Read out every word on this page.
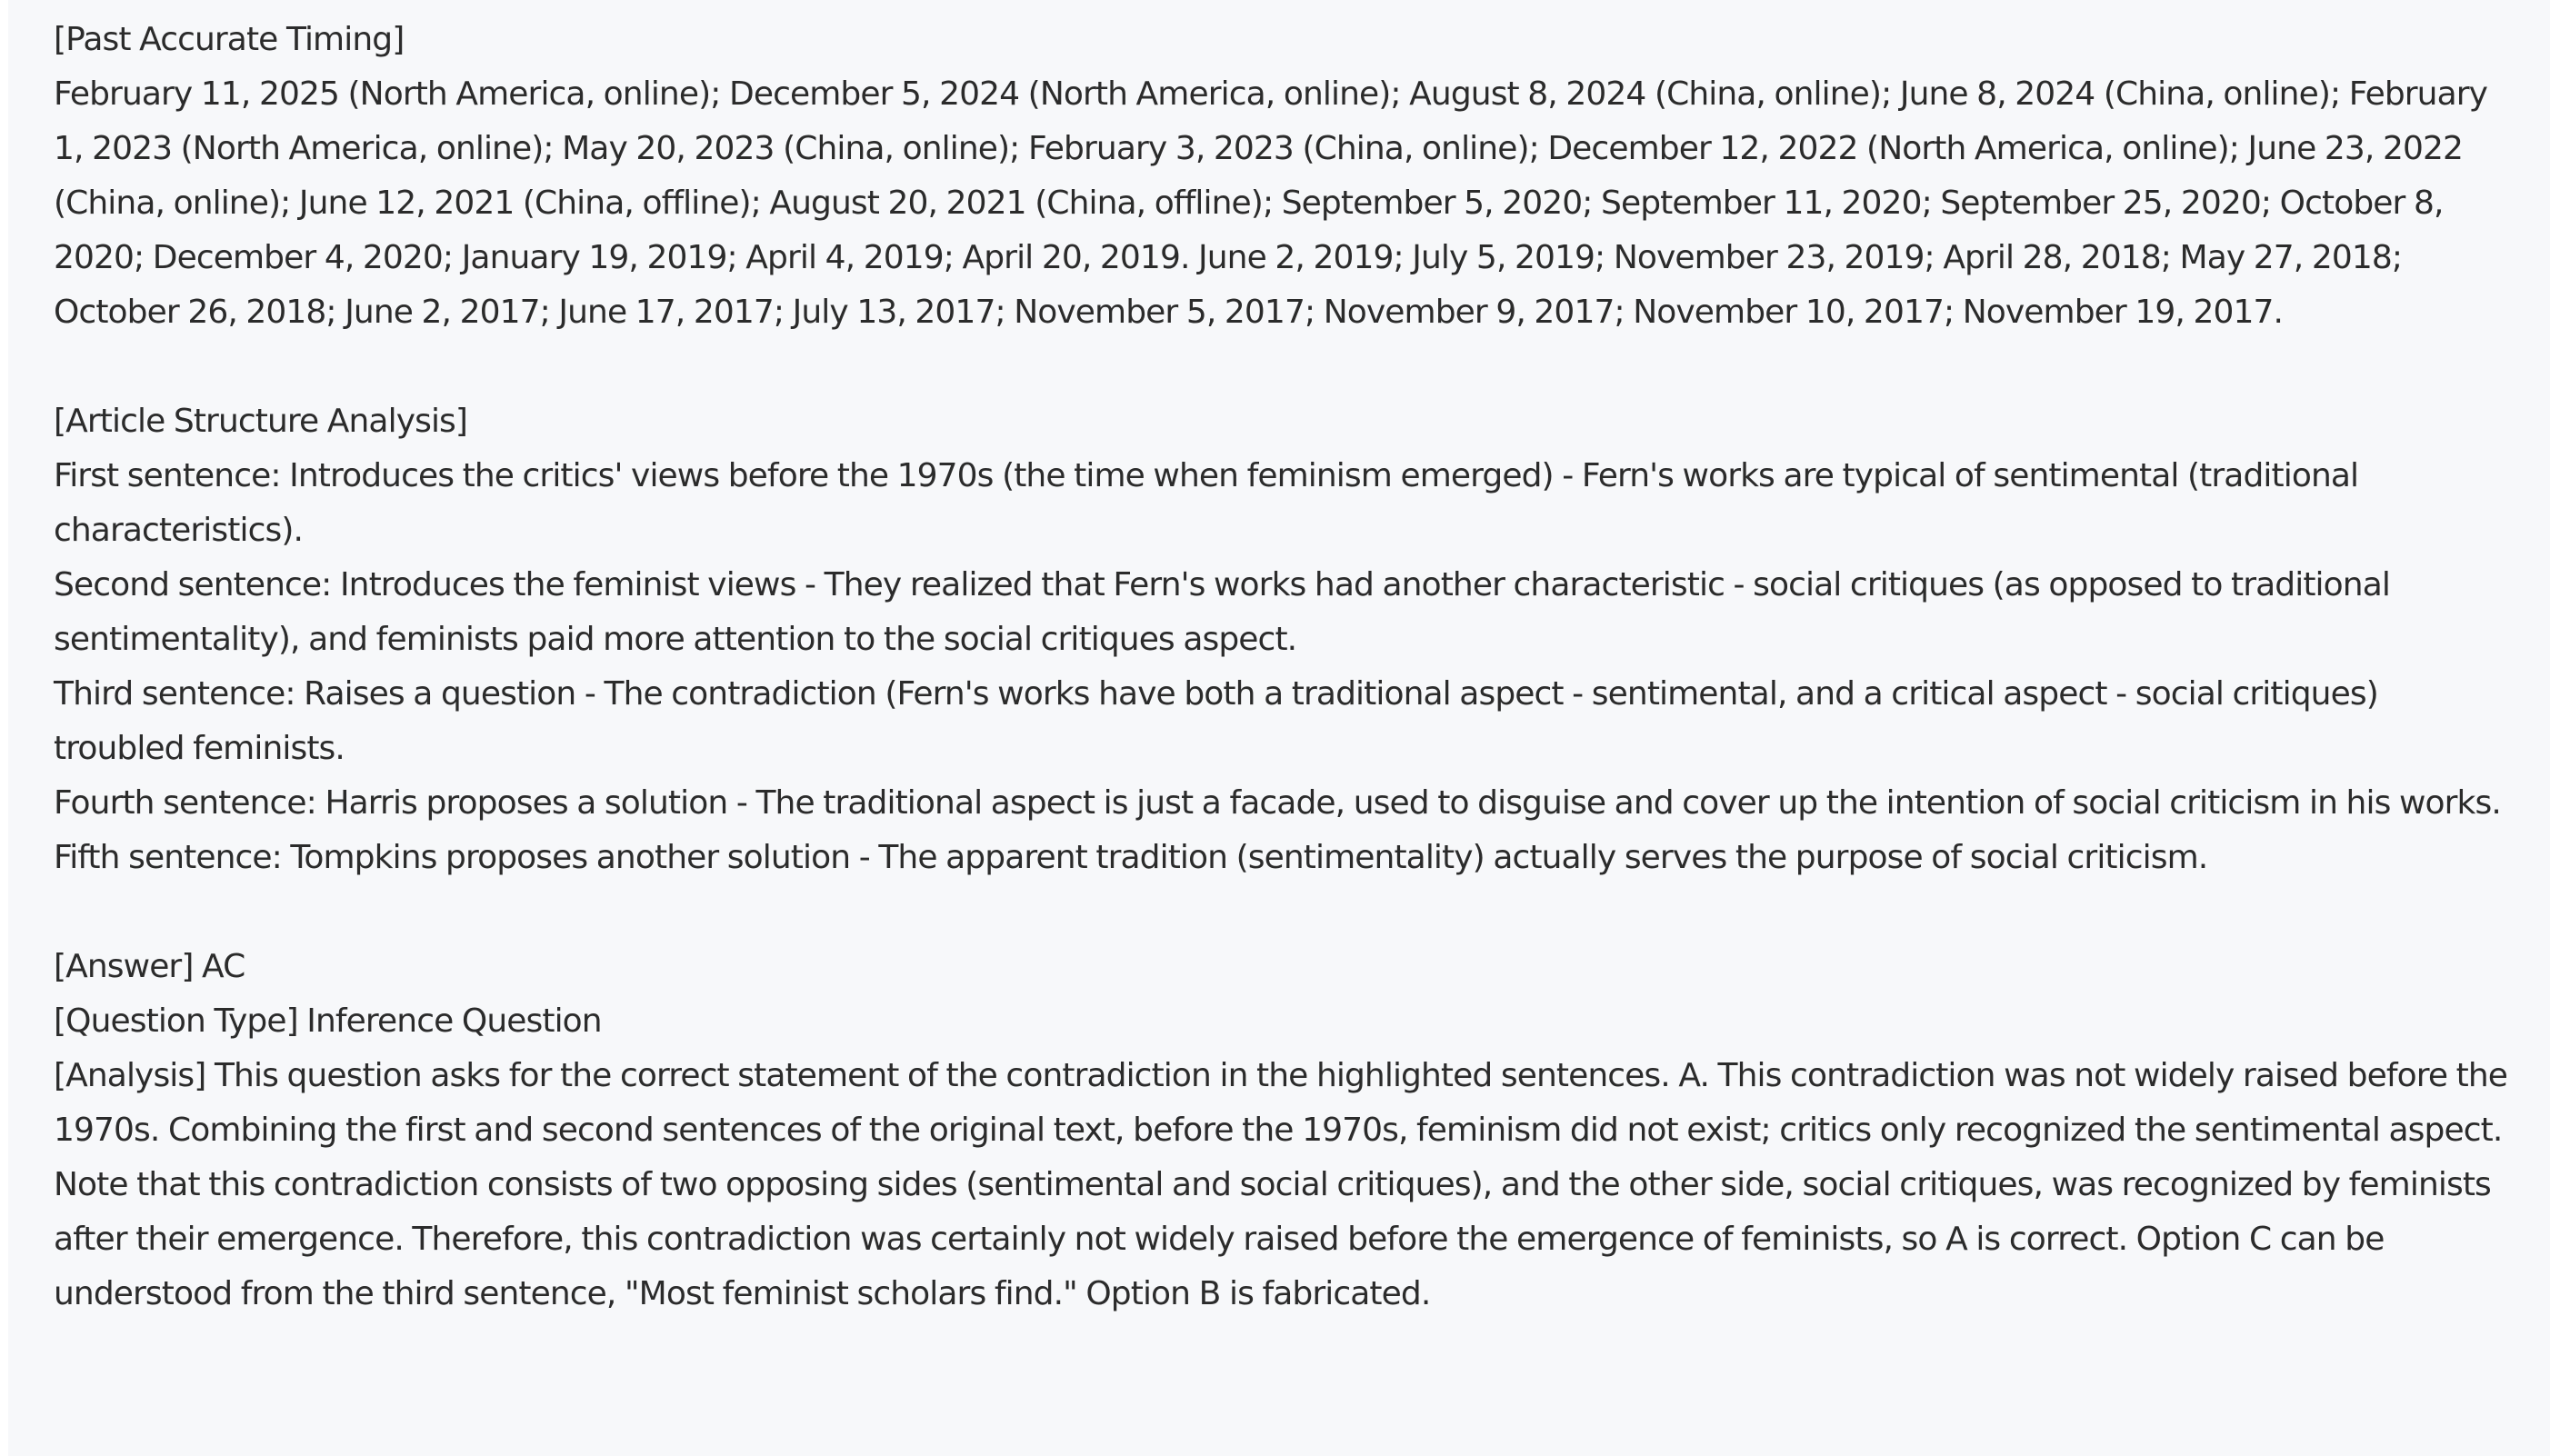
[Past Accurate Timing]
February 11, 2025 (North America, online); December 5, 2024 (North America, online); August 8, 2024 (China, online); June 8, 2024 (China, online); February 1, 2023 (North America, online); May 20, 2023 (China, online); February 3, 2023 (China, online); December 12, 2022 (North America, online); June 23, 2022 (China, online); June 12, 2021 (China, offline); August 20, 2021 (China, offline); September 5, 2020; September 11, 2020; September 25, 2020; October 8, 2020; December 4, 2020; January 19, 2019; April 4, 2019; April 20, 2019. June 2, 2019; July 5, 2019; November 23, 2019; April 28, 2018; May 27, 2018; October 26, 2018; June 2, 2017; June 17, 2017; July 13, 2017; November 5, 2017; November 9, 2017; November 10, 2017; November 19, 2017.
[Article Structure Analysis]
First sentence: Introduces the critics' views before the 1970s (the time when feminism emerged) - Fern's works are typical of sentimental (traditional characteristics).
Second sentence: Introduces the feminist views - They realized that Fern's works had another characteristic - social critiques (as opposed to traditional sentimentality), and feminists paid more attention to the social critiques aspect.
Third sentence: Raises a question - The contradiction (Fern's works have both a traditional aspect - sentimental, and a critical aspect - social critiques) troubled feminists.
Fourth sentence: Harris proposes a solution - The traditional aspect is just a facade, used to disguise and cover up the intention of social criticism in his works.
Fifth sentence: Tompkins proposes another solution - The apparent tradition (sentimentality) actually serves the purpose of social criticism.
[Answer] AC
[Question Type] Inference Question
[Analysis] This question asks for the correct statement of the contradiction in the highlighted sentences. A. This contradiction was not widely raised before the 1970s. Combining the first and second sentences of the original text, before the 1970s, feminism did not exist; critics only recognized the sentimental aspect. Note that this contradiction consists of two opposing sides (sentimental and social critiques), and the other side, social critiques, was recognized by feminists after their emergence. Therefore, this contradiction was certainly not widely raised before the emergence of feminists, so A is correct. Option C can be understood from the third sentence, "Most feminist scholars find." Option B is fabricated.
